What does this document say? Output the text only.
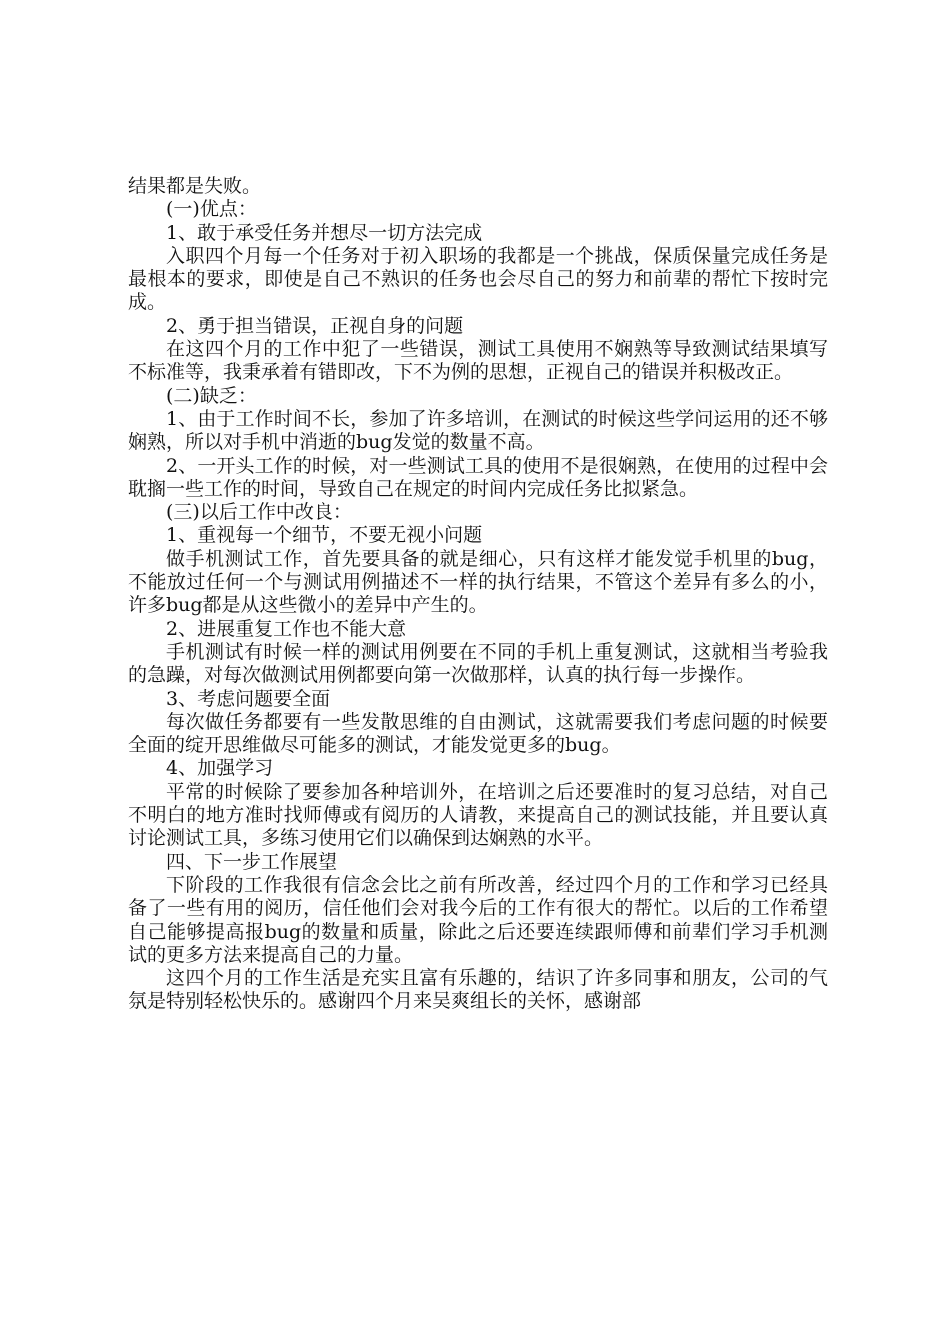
结果都是失败。

(一)优点：

1、敢于承受任务并想尽一切方法完成

入职四个月每一个任务对于初入职场的我都是一个挑战，保质保量完成任务是最根本的要求，即使是自己不熟识的任务也会尽自己的努力和前辈的帮忙下按时完成。

2、勇于担当错误，正视自身的问题

在这四个月的工作中犯了一些错误，测试工具使用不娴熟等导致测试结果填写不标准等，我秉承着有错即改，下不为例的思想，正视自己的错误并积极改正。

(二)缺乏：

1、由于工作时间不长，参加了许多培训，在测试的时候这些学问运用的还不够娴熟，所以对手机中消逝的bug发觉的数量不高。

2、一开头工作的时候，对一些测试工具的使用不是很娴熟，在使用的过程中会耽搁一些工作的时间，导致自己在规定的时间内完成任务比拟紧急。

(三)以后工作中改良：

1、重视每一个细节，不要无视小问题

做手机测试工作，首先要具备的就是细心，只有这样才能发觉手机里的bug，不能放过任何一个与测试用例描述不一样的执行结果，不管这个差异有多么的小，许多bug都是从这些微小的差异中产生的。

2、进展重复工作也不能大意

手机测试有时候一样的测试用例要在不同的手机上重复测试，这就相当考验我的急躁，对每次做测试用例都要向第一次做那样，认真的执行每一步操作。

3、考虑问题要全面

每次做任务都要有一些发散思维的自由测试，这就需要我们考虑问题的时候要全面的绽开思维做尽可能多的测试，才能发觉更多的bug。

4、加强学习

平常的时候除了要参加各种培训外，在培训之后还要准时的复习总结，对自己不明白的地方准时找师傅或有阅历的人请教，来提高自己的测试技能，并且要认真讨论测试工具，多练习使用它们以确保到达娴熟的水平。

四、下一步工作展望

下阶段的工作我很有信念会比之前有所改善，经过四个月的工作和学习已经具备了一些有用的阅历，信任他们会对我今后的工作有很大的帮忙。以后的工作希望自己能够提高报bug的数量和质量，除此之后还要连续跟师傅和前辈们学习手机测试的更多方法来提高自己的力量。

这四个月的工作生活是充实且富有乐趣的，结识了许多同事和朋友，公司的气氛是特别轻松快乐的。感谢四个月来吴爽组长的关怀，感谢部
